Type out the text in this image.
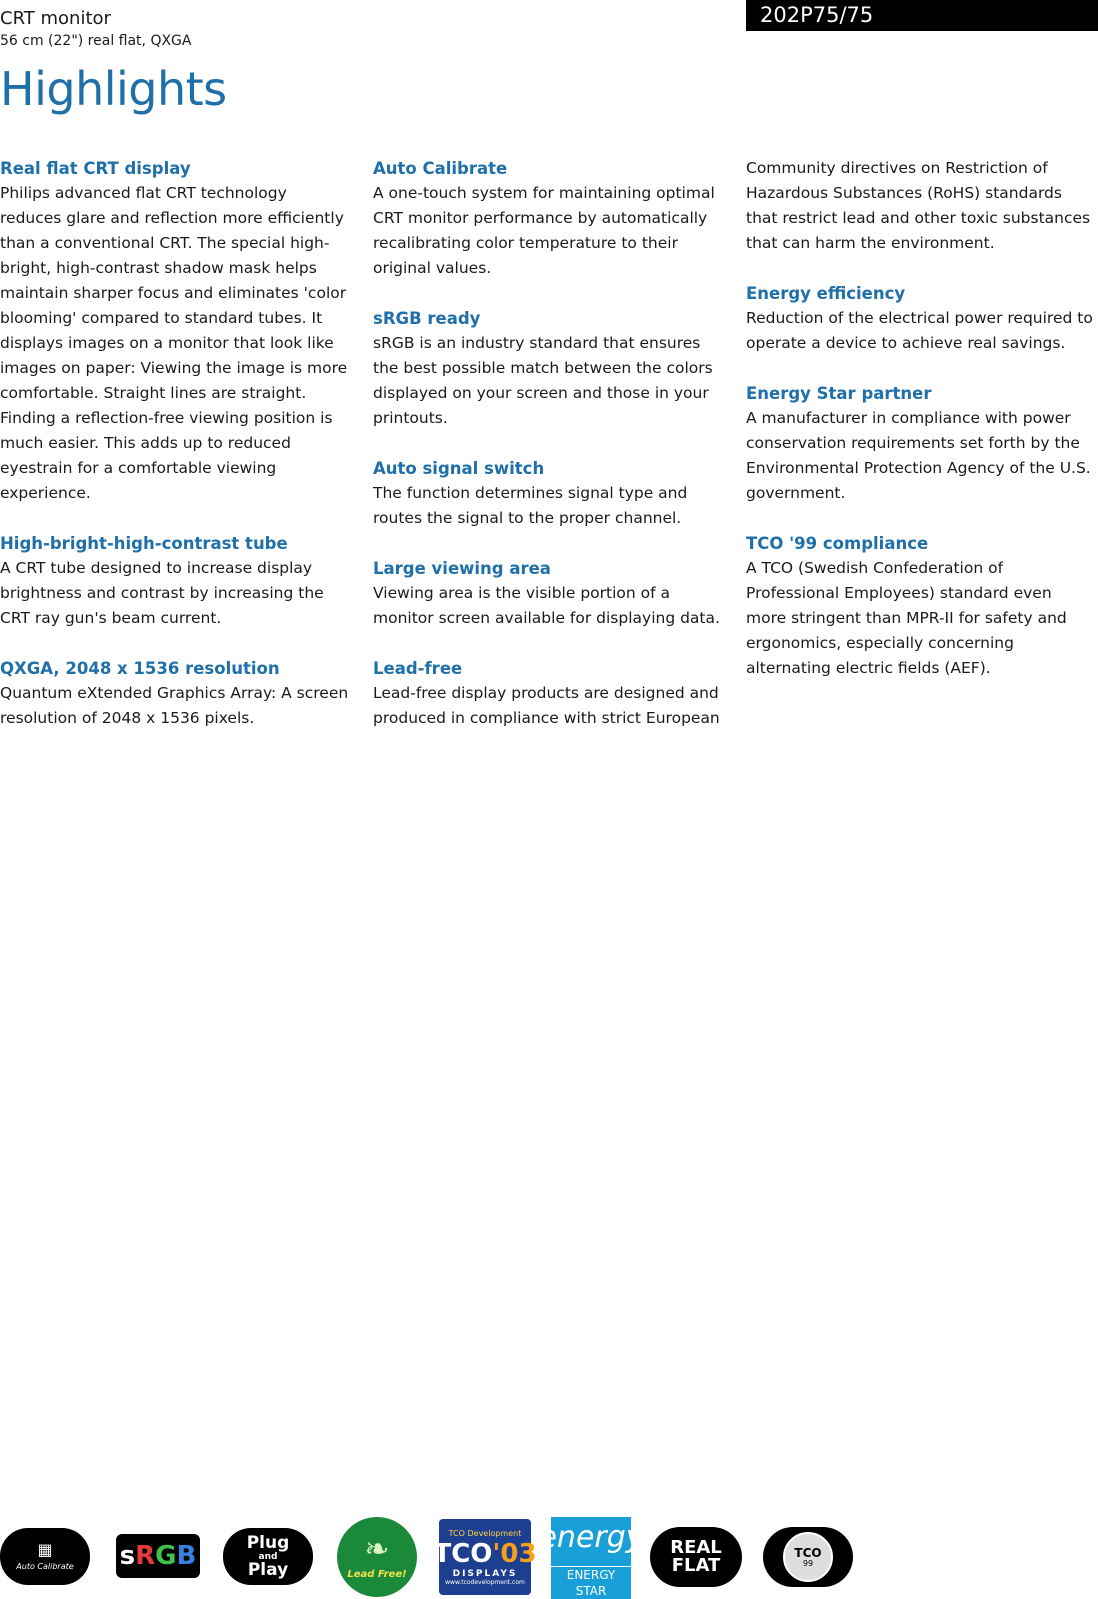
CRT monitor
56 cm (22") real flat, QXGA
202P75/75
Highlights
Real flat CRT display
Philips advanced flat CRT technology reduces glare and reflection more efficiently than a conventional CRT. The special high-bright, high-contrast shadow mask helps maintain sharper focus and eliminates 'color blooming' compared to standard tubes. It displays images on a monitor that look like images on paper: Viewing the image is more comfortable. Straight lines are straight. Finding a reflection-free viewing position is much easier. This adds up to reduced eyestrain for a comfortable viewing experience.
High-bright-high-contrast tube
A CRT tube designed to increase display brightness and contrast by increasing the CRT ray gun's beam current.
QXGA, 2048 x 1536 resolution
Quantum eXtended Graphics Array: A screen resolution of 2048 x 1536 pixels.
Auto Calibrate
A one-touch system for maintaining optimal CRT monitor performance by automatically recalibrating color temperature to their original values.
sRGB ready
sRGB is an industry standard that ensures the best possible match between the colors displayed on your screen and those in your printouts.
Auto signal switch
The function determines signal type and routes the signal to the proper channel.
Large viewing area
Viewing area is the visible portion of a monitor screen available for displaying data.
Lead-free
Lead-free display products are designed and produced in compliance with strict European
Community directives on Restriction of Hazardous Substances (RoHS) standards that restrict lead and other toxic substances that can harm the environment.
Energy efficiency
Reduction of the electrical power required to operate a device to achieve real savings.
Energy Star partner
A manufacturer in compliance with power conservation requirements set forth by the Environmental Protection Agency of the U.S. government.
TCO '99 compliance
A TCO (Swedish Confederation of Professional Employees) standard even more stringent than MPR-II for safety and ergonomics, especially concerning alternating electric fields (AEF).
▦
Auto Calibrate s R G B	Plug
and
Play
❧
Lead Free!
TCO Development
TCO'03
DISPLAYS
www.tcodevelopment.com
energy
ENERGY STAR
REAL
FLAT
TCO
99
